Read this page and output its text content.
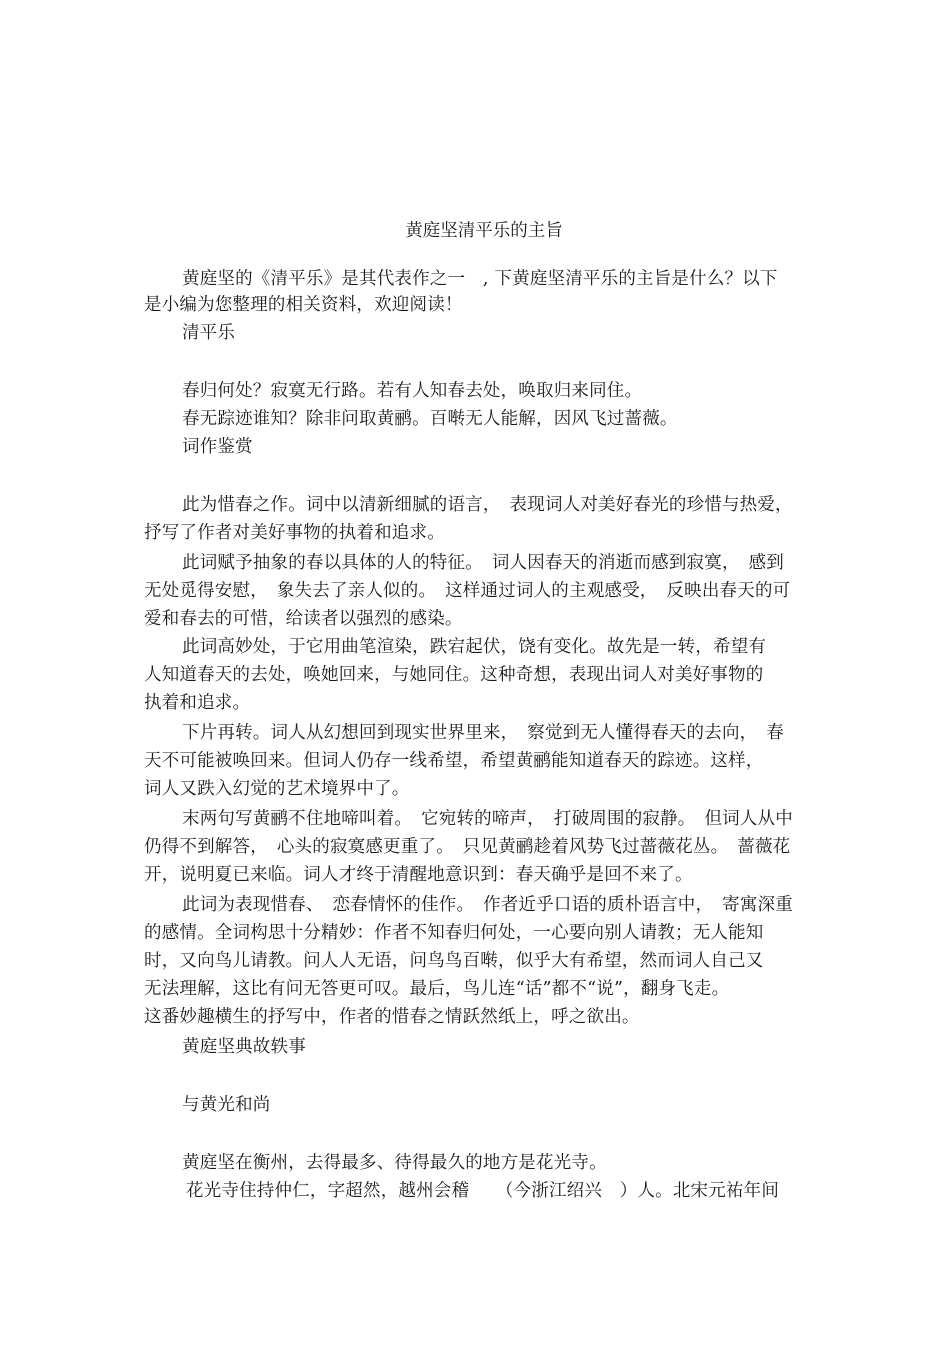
黄庭坚清平乐的主旨
黄庭坚的《清平乐》是其代表作之一　, 下黄庭坚清平乐的主旨是什么？以下
是小编为您整理的相关资料，欢迎阅读！
清平乐
春归何处？寂寞无行路。若有人知春去处，唤取归来同住。
春无踪迹谁知？除非问取黄鹂。百啭无人能解，因风飞过蔷薇。
词作鉴赏
此为惜春之作。词中以清新细腻的语言，　表现词人对美好春光的珍惜与热爱，
抒写了作者对美好事物的执着和追求。
此词赋予抽象的春以具体的人的特征。　词人因春天的消逝而感到寂寞，　感到
无处觅得安慰，　象失去了亲人似的。　这样通过词人的主观感受，　反映出春天的可
爱和春去的可惜，给读者以强烈的感染。
此词高妙处，于它用曲笔渲染，跌宕起伏，饶有变化。故先是一转，希望有
人知道春天的去处，唤她回来，与她同住。这种奇想，表现出词人对美好事物的
执着和追求。
下片再转。词人从幻想回到现实世界里来，　察觉到无人懂得春天的去向，　春
天不可能被唤回来。但词人仍存一线希望，希望黄鹂能知道春天的踪迹。这样，
词人又跌入幻觉的艺术境界中了。
末两句写黄鹂不住地啼叫着。　它宛转的啼声，　打破周围的寂静。　但词人从中
仍得不到解答，　心头的寂寞感更重了。　只见黄鹂趁着风势飞过蔷薇花丛。　蔷薇花
开，说明夏已来临。词人才终于清醒地意识到：春天确乎是回不来了。
此词为表现惜春、　恋春情怀的佳作。　作者近乎口语的质朴语言中，　寄寓深重
的感情。全词构思十分精妙：作者不知春归何处，一心要向别人请教；无人能知
时，又向鸟儿请教。问人人无语，问鸟鸟百啭，似乎大有希望，然而词人自己又
无法理解，这比有问无答更可叹。最后，鸟儿连“话”都不“说”，翻身飞走。
这番妙趣横生的抒写中，作者的惜春之情跃然纸上，呼之欲出。
黄庭坚典故轶事
与黄光和尚
黄庭坚在衡州，去得最多、待得最久的地方是花光寺。
花光寺住持仲仁，字超然，越州会稽　　（今浙江绍兴　）人。北宋元祐年间
